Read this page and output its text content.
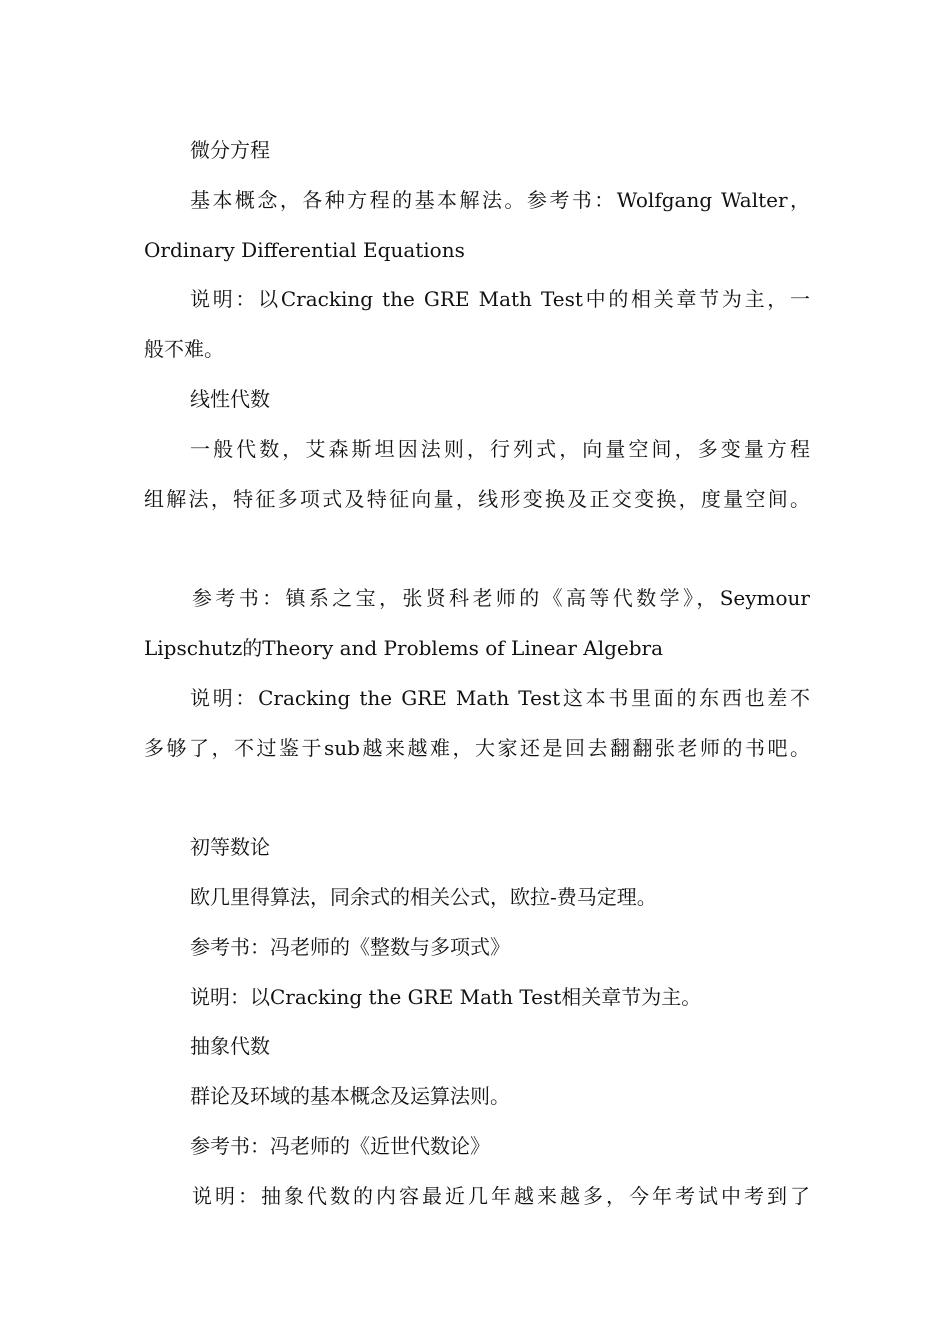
微分方程
基本概念，各种方程的基本解法。参考书：Wolfgang Walter，
Ordinary Differential Equations
说明：以Cracking the GRE Math Test中的相关章节为主，一
般不难。
线性代数
一般代数，艾森斯坦因法则，行列式，向量空间，多变量方程
组解法，特征多项式及特征向量，线形变换及正交变换，度量空间。
参考书：镇系之宝，张贤科老师的《高等代数学》，Seymour
Lipschutz的Theory and Problems of Linear Algebra
说明：Cracking the GRE Math Test这本书里面的东西也差不
多够了，不过鉴于sub越来越难，大家还是回去翻翻张老师的书吧。
初等数论
欧几里得算法，同余式的相关公式，欧拉-费马定理。
参考书：冯老师的《整数与多项式》
说明：以Cracking the GRE Math Test相关章节为主。
抽象代数
群论及环域的基本概念及运算法则。
参考书：冯老师的《近世代数论》
说明：抽象代数的内容最近几年越来越多，今年考试中考到了
